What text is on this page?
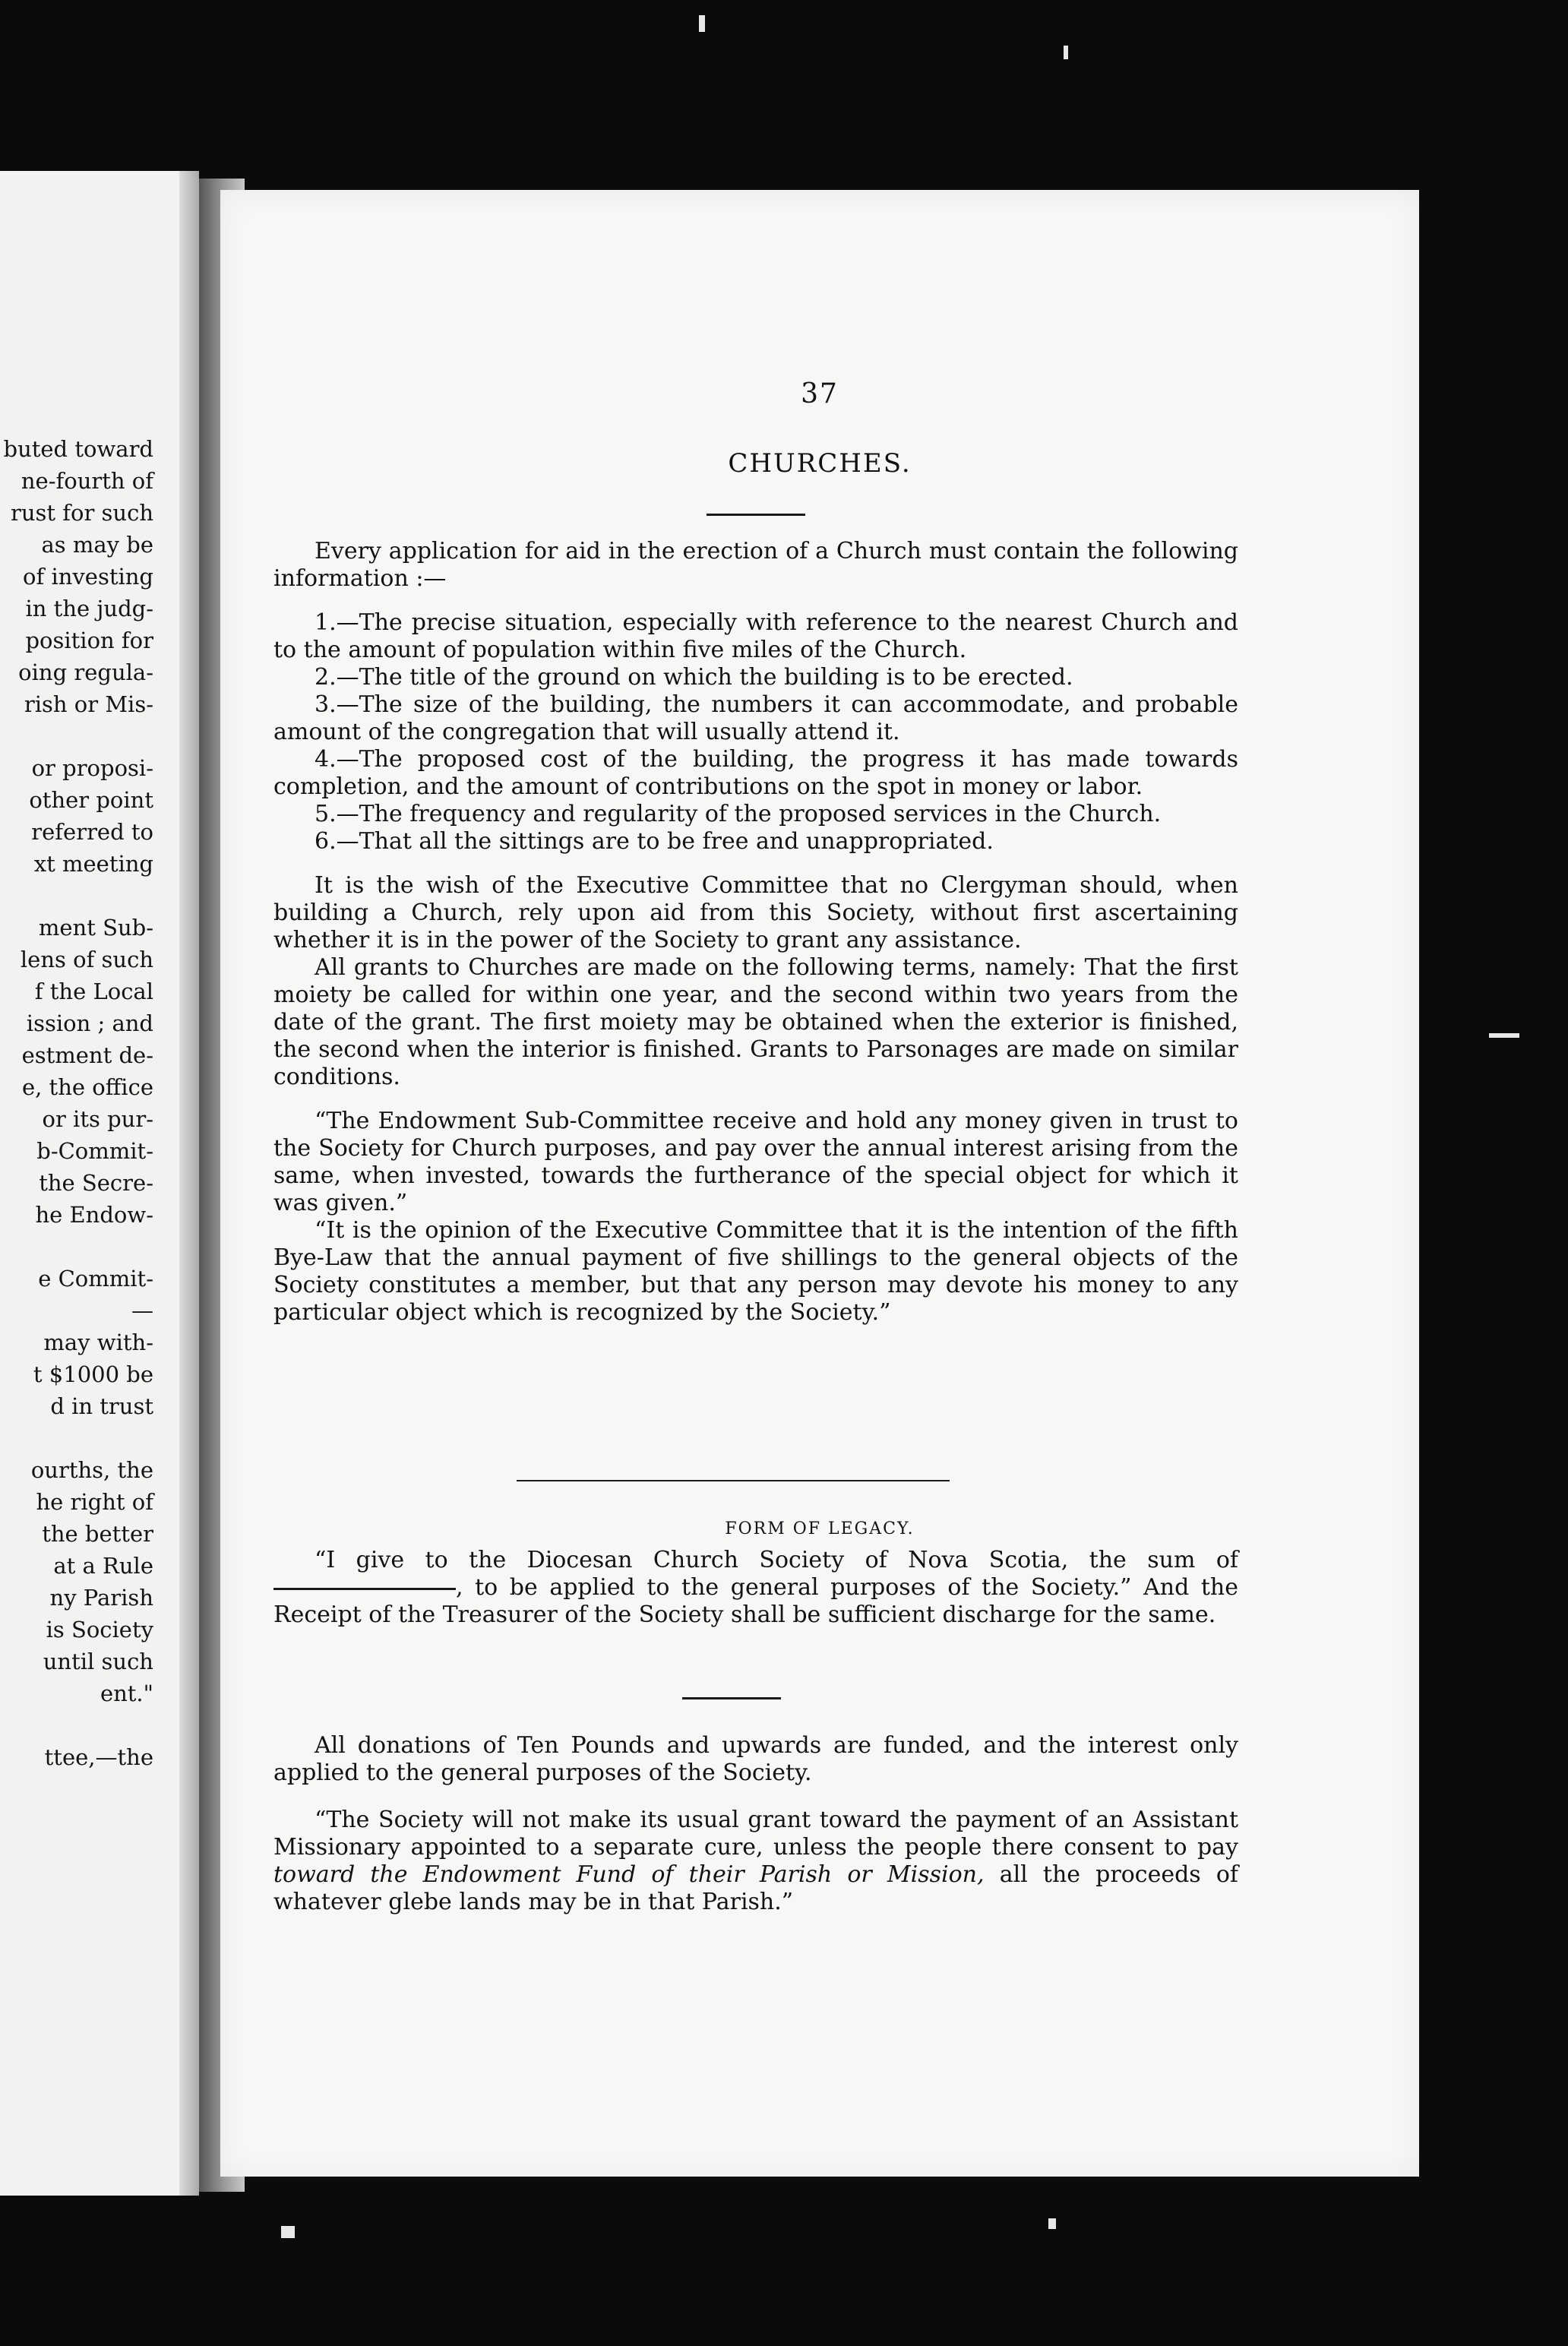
buted toward
ne-fourth of
rust for such
as may be
of investing
in the judg-
position for
oing regula-
rish or Mis-
or proposi-
other point
referred to
xt meeting
ment Sub-
lens of such
f the Local
ission ; and
estment de-
e, the office
or its pur-
b-Commit-
the Secre-
he Endow-
e Commit-
—
may with-
t $1000 be
d in trust
ourths, the
he right of
the better
at a Rule
ny Parish
is Society
until such
ent."
ttee,—the
37
CHURCHES.

Every application for aid in the erection of a Church must contain the following information :—

1.—The precise situation, especially with reference to the nearest Church and to the amount of population within five miles of the Church.

2.—The title of the ground on which the building is to be erected.

3.—The size of the building, the numbers it can accommodate, and probable amount of the congregation that will usually attend it.

4.—The proposed cost of the building, the progress it has made towards completion, and the amount of contributions on the spot in money or labor.

5.—The frequency and regularity of the proposed services in the Church.

6.—That all the sittings are to be free and unappropriated.

It is the wish of the Executive Committee that no Clergyman should, when building a Church, rely upon aid from this Society, without first ascertaining whether it is in the power of the Society to grant any assistance.

All grants to Churches are made on the following terms, namely: That the first moiety be called for within one year, and the second within two years from the date of the grant. The first moiety may be obtained when the exterior is finished, the second when the interior is finished. Grants to Parsonages are made on similar conditions.

“The Endowment Sub-Committee receive and hold any money given in trust to the Society for Church purposes, and pay over the annual interest arising from the same, when invested, towards the furtherance of the special object for which it was given.”

“It is the opinion of the Executive Committee that it is the intention of the fifth Bye-Law that the annual payment of five shillings to the general objects of the Society constitutes a member, but that any person may devote his money to any particular object which is recognized by the Society.”

FORM OF LEGACY.

“I give to the Diocesan Church Society of Nova Scotia, the sum of , to be applied to the general purposes of the Society.” And the Receipt of the Treasurer of the Society shall be sufficient discharge for the same.

All donations of Ten Pounds and upwards are funded, and the interest only applied to the general purposes of the Society.

“The Society will not make its usual grant toward the payment of an Assistant Missionary appointed to a separate cure, unless the people there consent to pay toward the Endowment Fund of their Parish or Mission, all the proceeds of whatever glebe lands may be in that Parish.”
